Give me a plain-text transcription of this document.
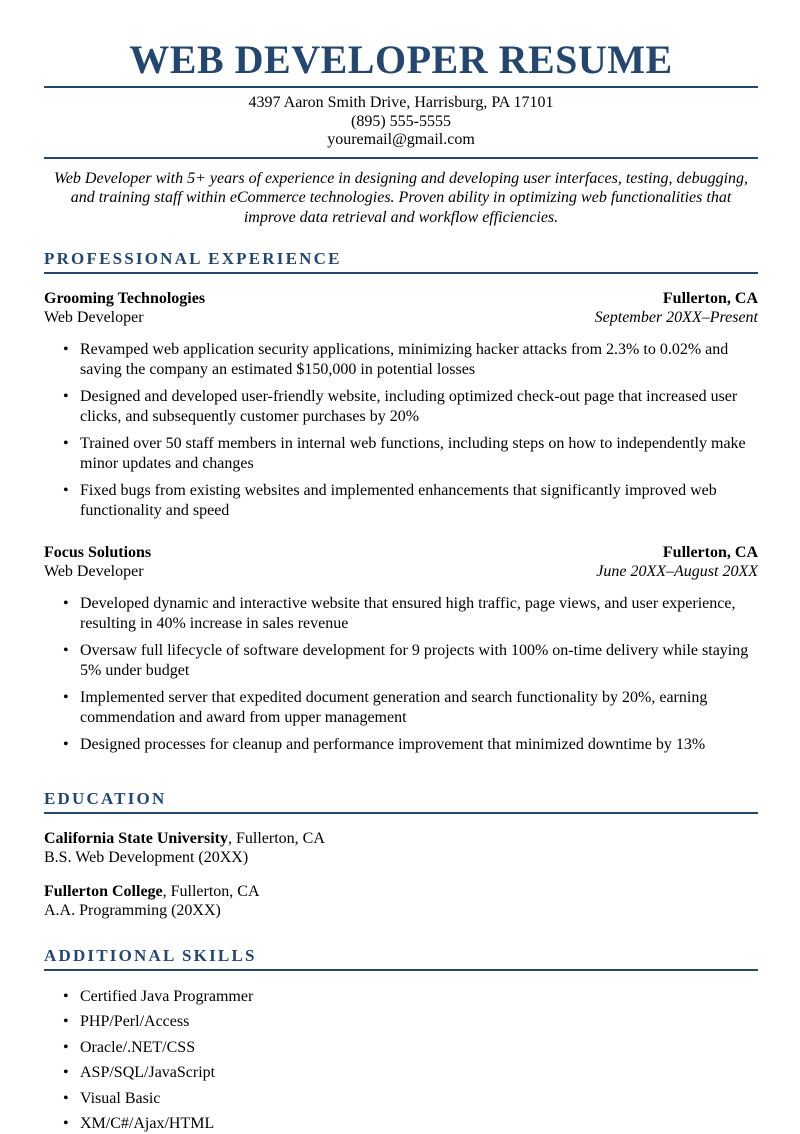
WEB DEVELOPER RESUME
4397 Aaron Smith Drive, Harrisburg, PA 17101
(895) 555-5555
youremail@gmail.com

Web Developer with 5+ years of experience in designing and developing user interfaces, testing, debugging, and training staff within eCommerce technologies. Proven ability in optimizing web functionalities that improve data retrieval and workflow efficiencies.

PROFESSIONAL EXPERIENCE
Grooming Technologies	Fullerton, CA
Web Developer	September 20XX–Present
• Revamped web application security applications, minimizing hacker attacks from 2.3% to 0.02% and saving the company an estimated $150,000 in potential losses
• Designed and developed user-friendly website, including optimized check-out page that increased user clicks, and subsequently customer purchases by 20%
• Trained over 50 staff members in internal web functions, including steps on how to independently make minor updates and changes
• Fixed bugs from existing websites and implemented enhancements that significantly improved web functionality and speed
Focus Solutions	Fullerton, CA
Web Developer	June 20XX–August 20XX
• Developed dynamic and interactive website that ensured high traffic, page views, and user experience, resulting in 40% increase in sales revenue
• Oversaw full lifecycle of software development for 9 projects with 100% on-time delivery while staying 5% under budget
• Implemented server that expedited document generation and search functionality by 20%, earning commendation and award from upper management
• Designed processes for cleanup and performance improvement that minimized downtime by 13%
EDUCATION
California State University, Fullerton, CA
B.S. Web Development (20XX)
Fullerton College, Fullerton, CA
A.A. Programming (20XX)
ADDITIONAL SKILLS
• Certified Java Programmer
• PHP/Perl/Access
• Oracle/.NET/CSS
• ASP/SQL/JavaScript
• Visual Basic
• XM/C#/Ajax/HTML
